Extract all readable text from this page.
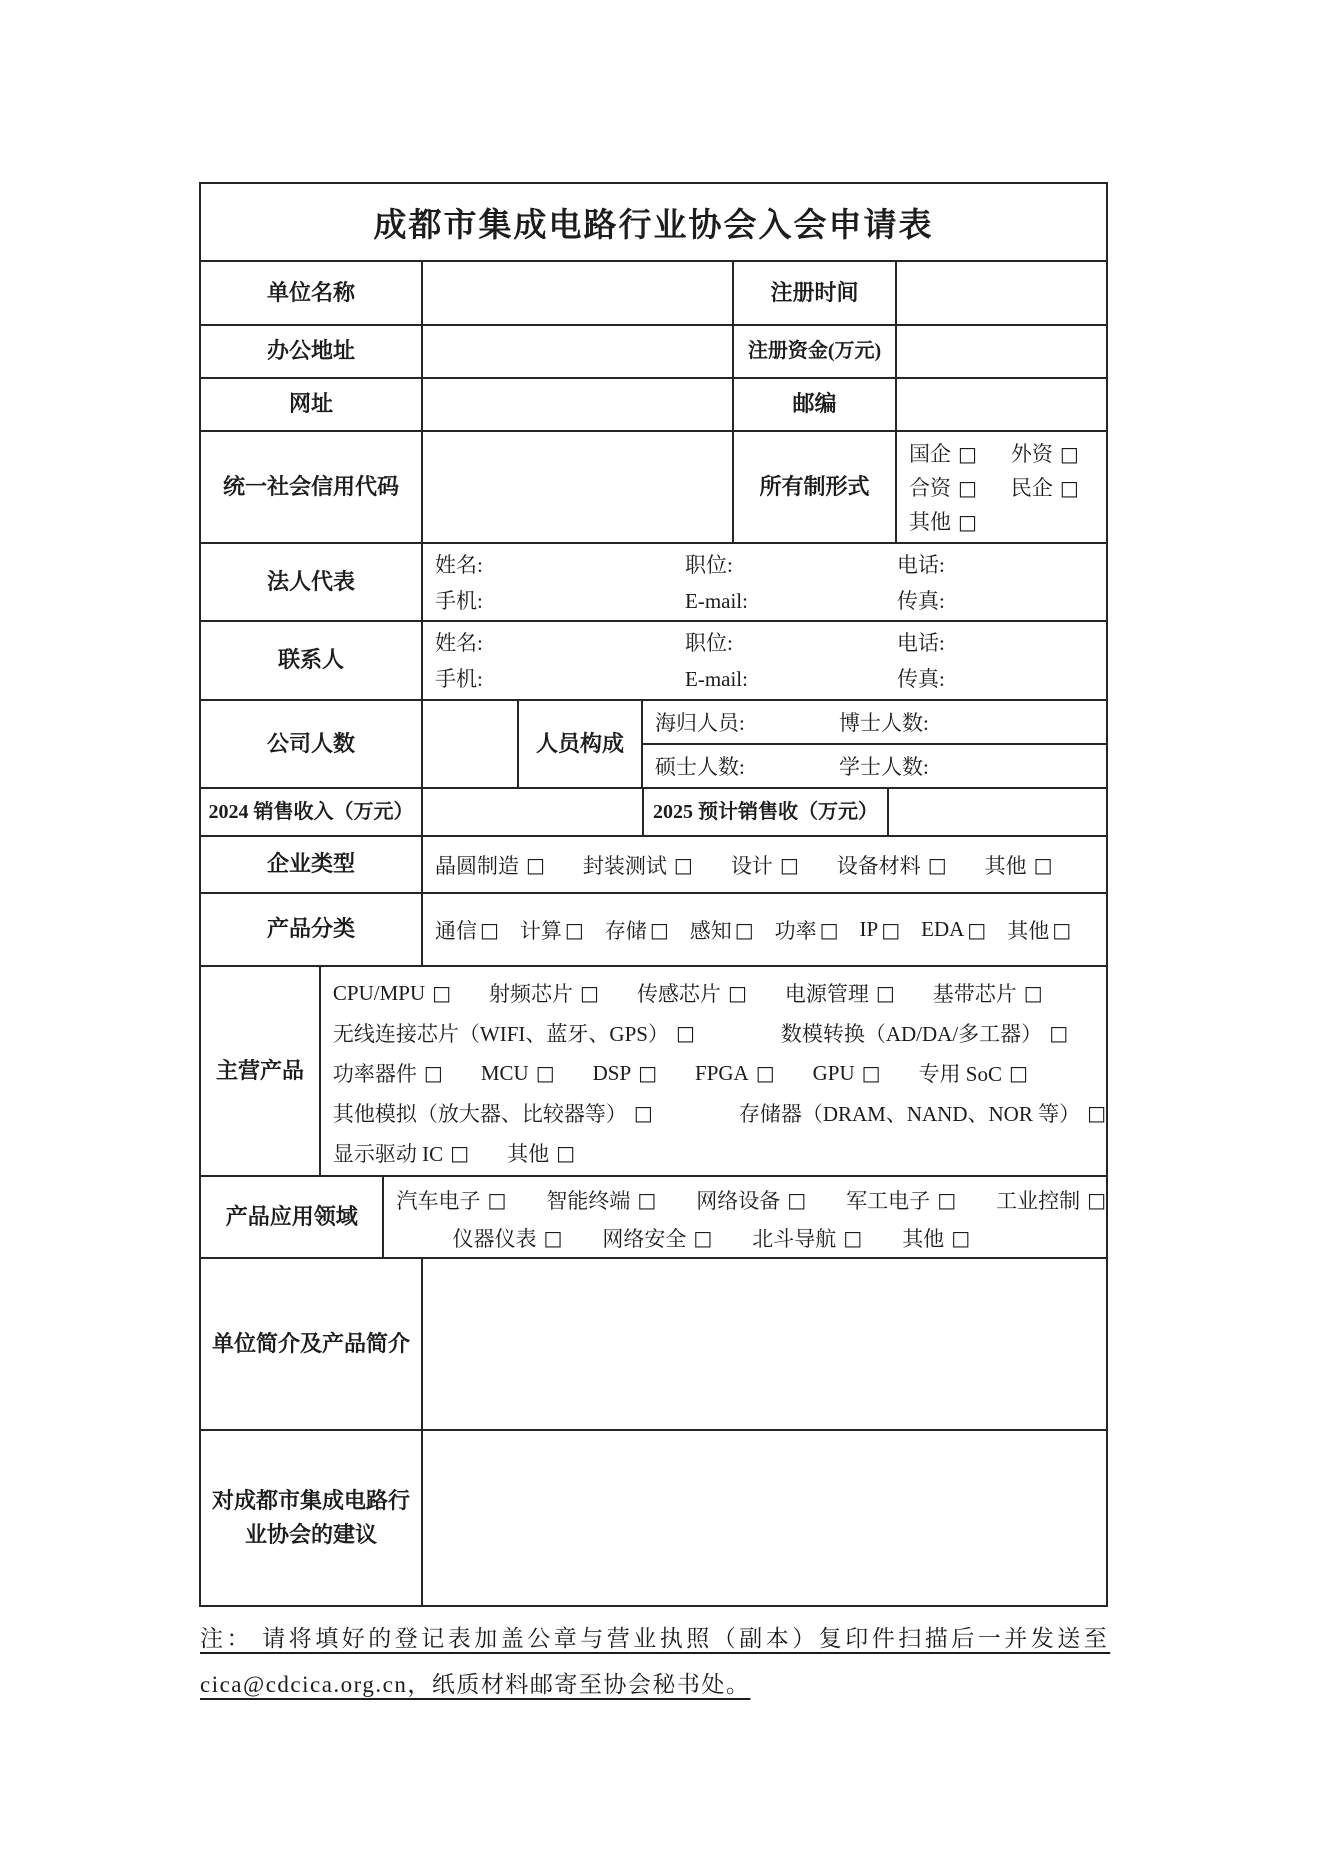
成都市集成电路行业协会入会申请表
单位名称	注册时间
办公地址	注册资金(万元)
网址	邮编
统一社会信用代码	所有制形式
国企 □ 外资 □
合资 □ 民企 □
其他 □
法人代表
姓名:	职位:	电话:
手机:	E-mail:	传真:
联系人
姓名:	职位:	电话:
手机:	E-mail:	传真:
公司人数	人员构成
海归人员:	博士人数:
硕士人数:	学士人数:
2024 销售收入（万元）	2025 预计销售收（万元）
企业类型	晶圆制造 □ 封装测试 □ 设计 □ 设备材料 □ 其他 □
产品分类	通信 □ 计算 □ 存储 □ 感知 □ 功率 □ IP □ EDA □ 其他 □
主营产品
CPU/MPU □ 射频芯片 □ 传感芯片 □ 电源管理 □ 基带芯片 □
无线连接芯片（WIFI、蓝牙、GPS） □	数模转换（AD/DA/多工器） □
功率器件 □ MCU □ DSP □ FPGA □ GPU □ 专用 SoC □
其他模拟（放大器、比较器等） □	存储器（DRAM、NAND、NOR 等） □
显示驱动 IC □ 其他 □
产品应用领域
汽车电子 □ 智能终端 □ 网络设备 □ 军工电子 □ 工业控制 □
仪器仪表 □ 网络安全 □ 北斗导航 □ 其他 □
单位简介及产品简介
对成都市集成电路行业协会的建议
注： 请将填好的登记表加盖公章与营业执照（副本）复印件扫描后一并发送至
cica@cdcica.org.cn，纸质材料邮寄至协会秘书处。
